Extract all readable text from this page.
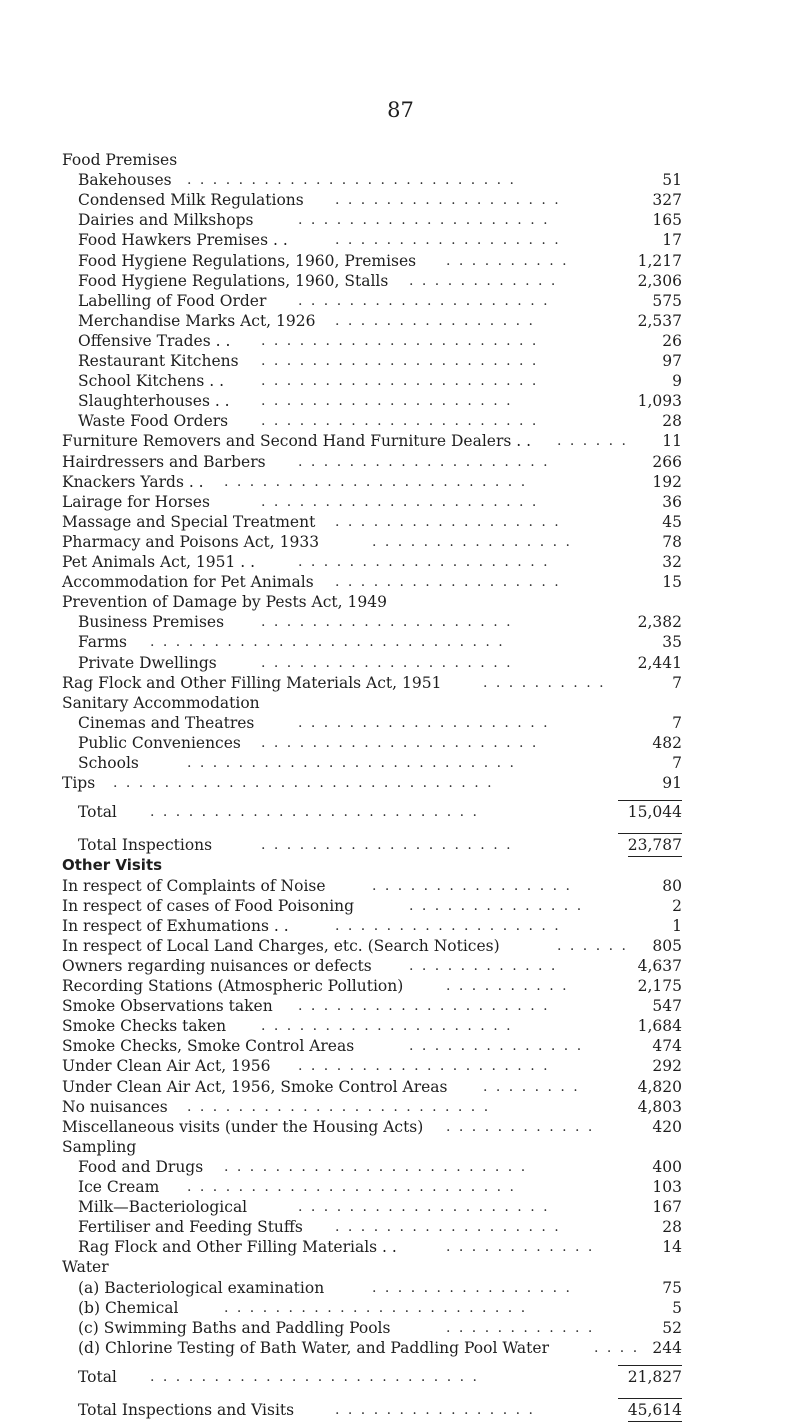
87
Food Premises
Bakehouses . . . . . . . . . . . . . . . . . . . . . . . . . .	51
Condensed Milk Regulations . . . . . . . . . . . . . . . . . .	327
Dairies and Milkshops	. . . . . . . . . . . . . . . . . . . .	165
Food Hawkers Premises . .	. . . . . . . . . . . . . . . . . .	17
Food Hygiene Regulations, 1960, Premises . . . . . . . . . .	1,217
Food Hygiene Regulations, 1960, Stalls . . . . . . . . . . . .	2,306
Labelling of Food Order . . . . . . . . . . . . . . . . . . . .	575
Merchandise Marks Act, 1926 . . . . . . . . . . . . . . . .	2,537
Offensive Trades . . . . . . . . . . . . . . . . . . . . . . . .	26
Restaurant Kitchens . . . . . . . . . . . . . . . . . . . . . .	97
School Kitchens . .	. . . . . . . . . . . . . . . . . . . . . .	9
Slaughterhouses . . . . . . . . . . . . . . . . . . . . . .	1,093
Waste Food Orders . . . . . . . . . . . . . . . . . . . . . .	28
Furniture Removers and Second Hand Furniture Dealers . . . . . . . . 11
Hairdressers and Barbers . . . . . . . . . . . . . . . . . . . .	266
Knackers Yards . . . . . . . . . . . . . . . . . . . . . . . . . .	192
Lairage for Horses	. . . . . . . . . . . . . . . . . . . . . .	36
Massage and Special Treatment . . . . . . . . . . . . . . . . . .	45
Pharmacy and Poisons Act, 1933	. . . . . . . . . . . . . . . .	78
Pet Animals Act, 1951 . .	. . . . . . . . . . . . . . . . . . . .	32
Accommodation for Pet Animals . . . . . . . . . . . . . . . . . .	15
Prevention of Damage by Pests Act, 1949
Business Premises	. . . . . . . . . . . . . . . . . . . .	2,382
Farms . . . . . . . . . . . . . . . . . . . . . . . . . . . .	35
Private Dwellings	. . . . . . . . . . . . . . . . . . . .	2,441
Rag Flock and Other Filling Materials Act, 1951	. . . . . . . . . .	7
Sanitary Accommodation
Cinemas and Theatres	. . . . . . . . . . . . . . . . . . . .	7
Public Conveniences . . . . . . . . . . . . . . . . . . . . . .	482
Schools	. . . . . . . . . . . . . . . . . . . . . . . . . .	7
Tips . . . . . . . . . . . . . . . . . . . . . . . . . . . . . .	91
Total . . . . . . . . . . . . . . . . . . . . . . . . . .	15,044
Total Inspections	. . . . . . . . . . . . . . . . . . . .	23,787
Other Visits
In respect of Complaints of Noise	. . . . . . . . . . . . . . . .	80
In respect of cases of Food Poisoning	. . . . . . . . . . . . . .	2
In respect of Exhumations . .	. . . . . . . . . . . . . . . . . .	1
In respect of Local Land Charges, etc. (Search Notices)	. . . . . . 805
Owners regarding nuisances or defects	. . . . . . . . . . . .	4,637
Recording Stations (Atmospheric Pollution)	. . . . . . . . . .	2,175
Smoke Observations taken . . . . . . . . . . . . . . . . . . . .	547
Smoke Checks taken . . . . . . . . . . . . . . . . . . . .	1,684
Smoke Checks, Smoke Control Areas	. . . . . . . . . . . . . .	474
Under Clean Air Act, 1956 . . . . . . . . . . . . . . . . . . . .	292
Under Clean Air Act, 1956, Smoke Control Areas	. . . . . . . .	4,820
No nuisances . . . . . . . . . . . . . . . . . . . . . . . .	4,803
Miscellaneous visits (under the Housing Acts) . . . . . . . . . . . .	420
Sampling
Food and Drugs . . . . . . . . . . . . . . . . . . . . . . . .	400
Ice Cream . . . . . . . . . . . . . . . . . . . . . . . . . .	103
Milk—Bacteriological	. . . . . . . . . . . . . . . . . . . .	167
Fertiliser and Feeding Stuffs . . . . . . . . . . . . . . . . . .	28
Rag Flock and Other Filling Materials . .	. . . . . . . . . . . .	14
Water
(a) Bacteriological examination	. . . . . . . . . . . . . . . .	75
(b) Chemical	. . . . . . . . . . . . . . . . . . . . . . . .	5
(c) Swimming Baths and Paddling Pools	. . . . . . . . . . . .	52
(d) Chlorine Testing of Bath Water, and Paddling Pool Water	. . . . 244
Total . . . . . . . . . . . . . . . . . . . . . . . . . .	21,827
Total Inspections and Visits	. . . . . . . . . . . . . . . .	45,614
